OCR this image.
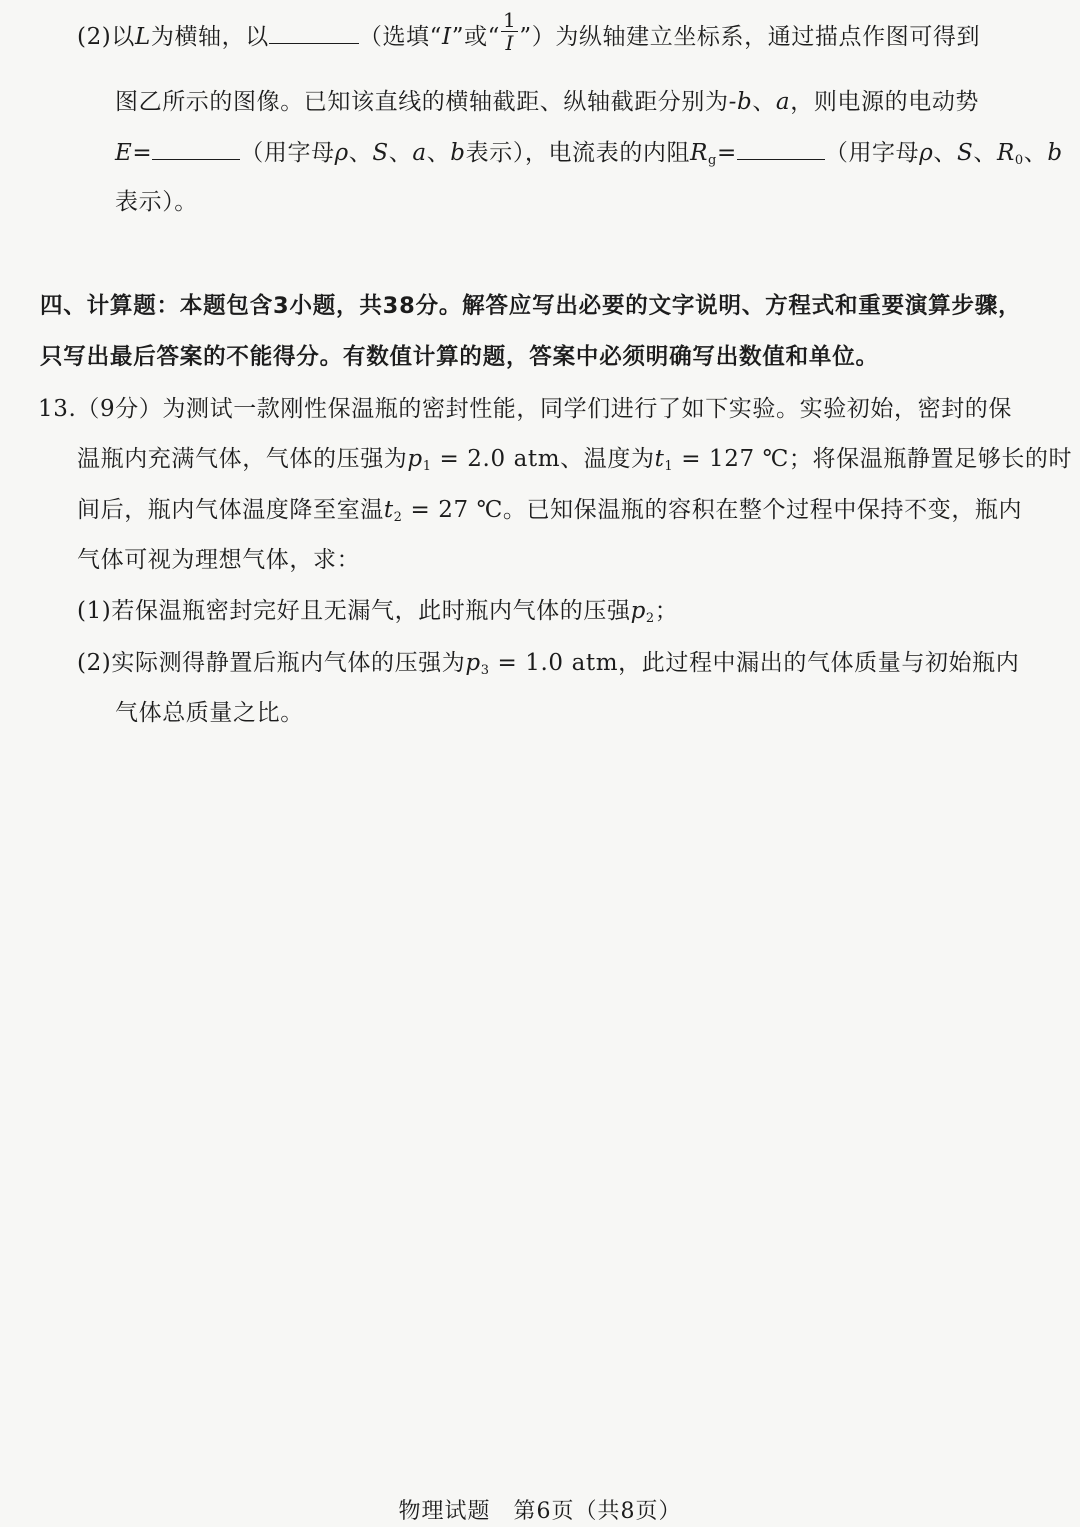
(2)以L为横轴，以	（选填“I”或“ $\frac{1}{I}$ ”）为纵轴建立坐标系，通过描点作图可得到
图乙所示的图像。已知该直线的横轴截距、纵轴截距分别为-b、a，则电源的电动势
E=	（用字母ρ、S、a、b表示），电流表的内阻$R_g=$	（用字母ρ、S、$R_0$、b
表示）。
四、计算题：本题包含3小题，共38分。解答应写出必要的文字说明、方程式和重要演算步骤，
只写出最后答案的不能得分。有数值计算的题，答案中必须明确写出数值和单位。
13.（9分）为测试一款刚性保温瓶的密封性能，同学们进行了如下实验。实验初始，密封的保
温瓶内充满气体，气体的压强为$p_1 = 2.0$ atm、温度为$t_1 = 127$ ℃；将保温瓶静置足够长的时
间后，瓶内气体温度降至室温$t_2 = 27$ ℃。已知保温瓶的容积在整个过程中保持不变，瓶内
气体可视为理想气体，求：
(1)若保温瓶密封完好且无漏气，此时瓶内气体的压强$p_2$；
(2)实际测得静置后瓶内气体的压强为$p_3 = 1.0$ atm，此过程中漏出的气体质量与初始瓶内
气体总质量之比。
物理试题　第6页（共8页）
